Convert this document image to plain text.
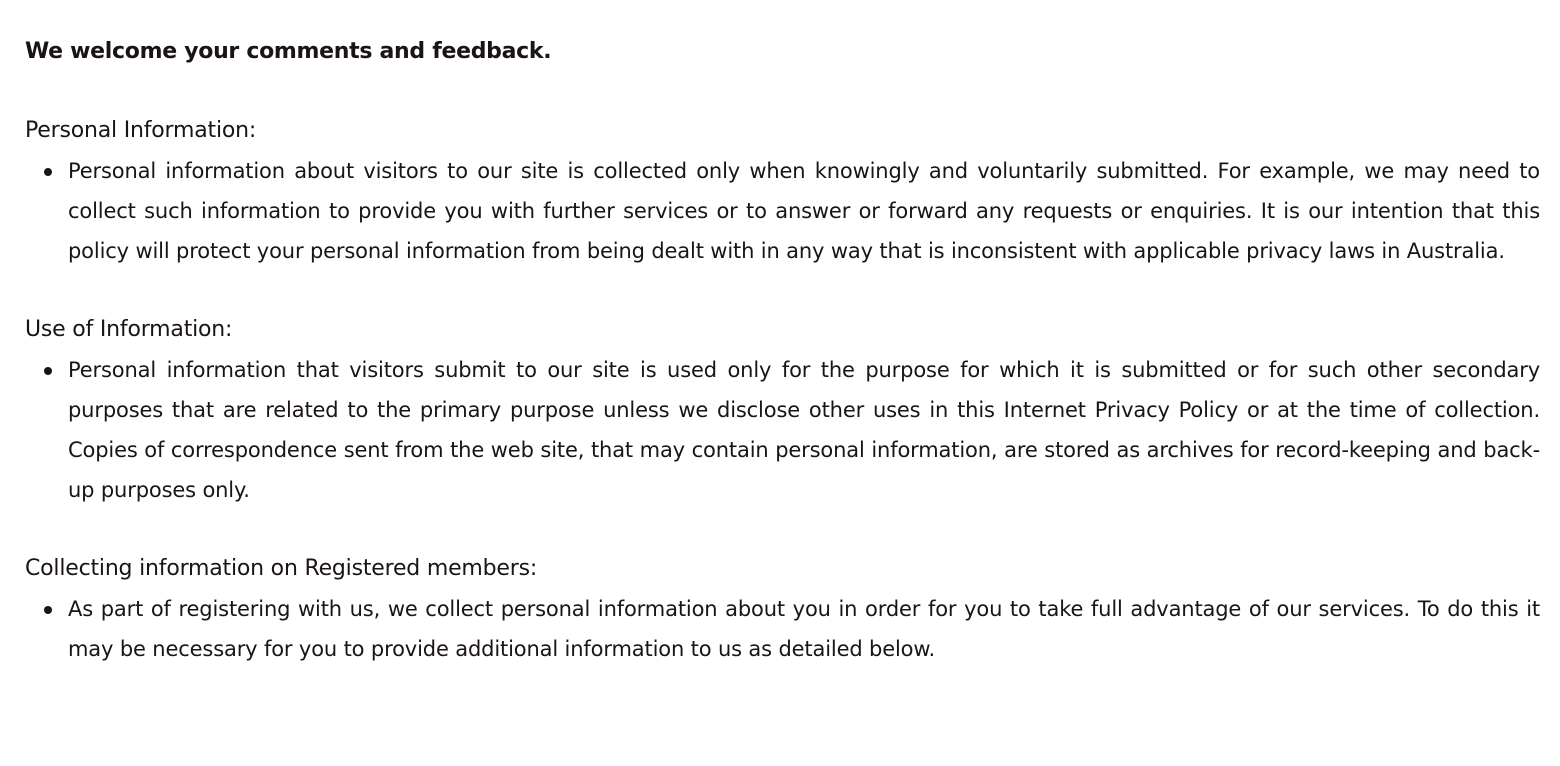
We welcome your comments and feedback.

Personal Information:

Personal information about visitors to our site is collected only when knowingly and voluntarily submitted. For example, we may need to collect such information to provide you with further services or to answer or forward any requests or enquiries. It is our intention that this policy will protect your personal information from being dealt with in any way that is inconsistent with applicable privacy laws in Australia.

Use of Information:

Personal information that visitors submit to our site is used only for the purpose for which it is submitted or for such other secondary purposes that are related to the primary purpose unless we disclose other uses in this Internet Privacy Policy or at the time of collection. Copies of correspondence sent from the web site, that may contain personal information, are stored as archives for record-keeping and back-up purposes only.

Collecting information on Registered members:

As part of registering with us, we collect personal information about you in order for you to take full advantage of our services. To do this it may be necessary for you to provide additional information to us as detailed below.
